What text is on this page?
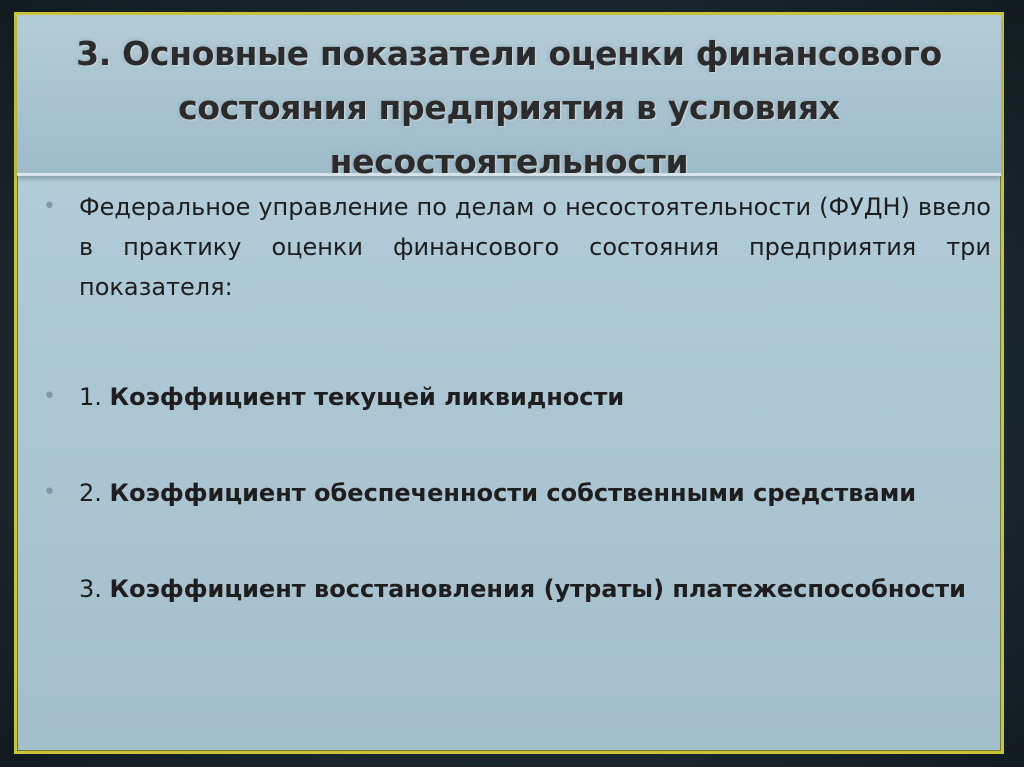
3. Основные показатели оценки финансового
состояния предприятия в условиях
несостоятельности
• Федеральное управление по делам о несостоятельности (ФУДН) ввело в практику оценки финансового состояния предприятия три показателя:
• 1. Коэффициент текущей ликвидности
• 2. Коэффициент обеспеченности собственными средствами
3. Коэффициент восстановления (утраты) платежеспособности
